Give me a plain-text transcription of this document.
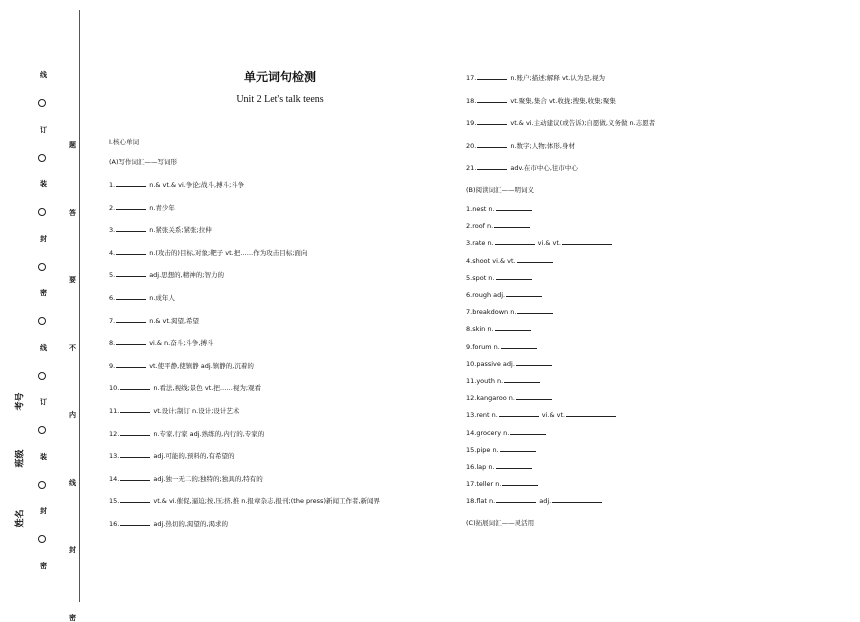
线
订
装
封
密
线
订
装
封
密
题
答
要
不
内
线
封
密
考号
班级
姓名
单元词句检测
Unit 2 Let's talk teens
Ⅰ.核心单词
(A)写作词汇——写词形
1.	n.& vt.& vi.争论;战斗,搏斗;斗争
2.	n.青少年
3.	n.紧张关系;紧张;拉伸
4.	n.(攻击的)目标,对象;靶子 vt.把……作为攻击目标;面向
5.	adj.思想的,精神的;智力的
6.	n.成年人
7.	n.& vt.渴望,希望
8.	vi.& n.奋斗;斗争,搏斗
9.	vt.使平静,使镇静 adj.镇静的,沉着的
10.	n.看法,视线;景色 vt.把……视为;观看
11.	vt.设计;制订 n.设计;设计艺术
12.	n.专家,行家 adj.熟练的,内行的,专家的
13.	adj.可能的,预料的,有希望的
14.	adj.独一无二的;独特的;独具的,特有的
15.	vt.& vi.催促,逼迫;按,压;挤,推 n.报章杂志,报刊;(the press)新闻工作者,新闻界
16.	adj.热切的,渴望的,渴求的
17.	n.账户;描述;解释 vt.认为是,视为
18.	vt.聚集,集合 vt.收拢;搜集,收集;聚集
19.	vt.& vi.主动建议(或告诉);自愿做,义务做 n.志愿者
20.	n.数字;人物;体形,身材
21.	adv.在市中心,往市中心
(B)阅读词汇——明词义
1.nest n.
2.roof n.
3.rate n.	vi.& vt.
4.shoot vi.& vt.
5.spot n.
6.rough adj.
7.breakdown n.
8.skin n.
9.forum n.
10.passive adj.
11.youth n.
12.kangaroo n.
13.rent n.	vi.& vt.
14.grocery n.
15.pipe n.
16.lap n.
17.teller n.
18.flat n.	adj.
(C)拓展词汇——灵活用
